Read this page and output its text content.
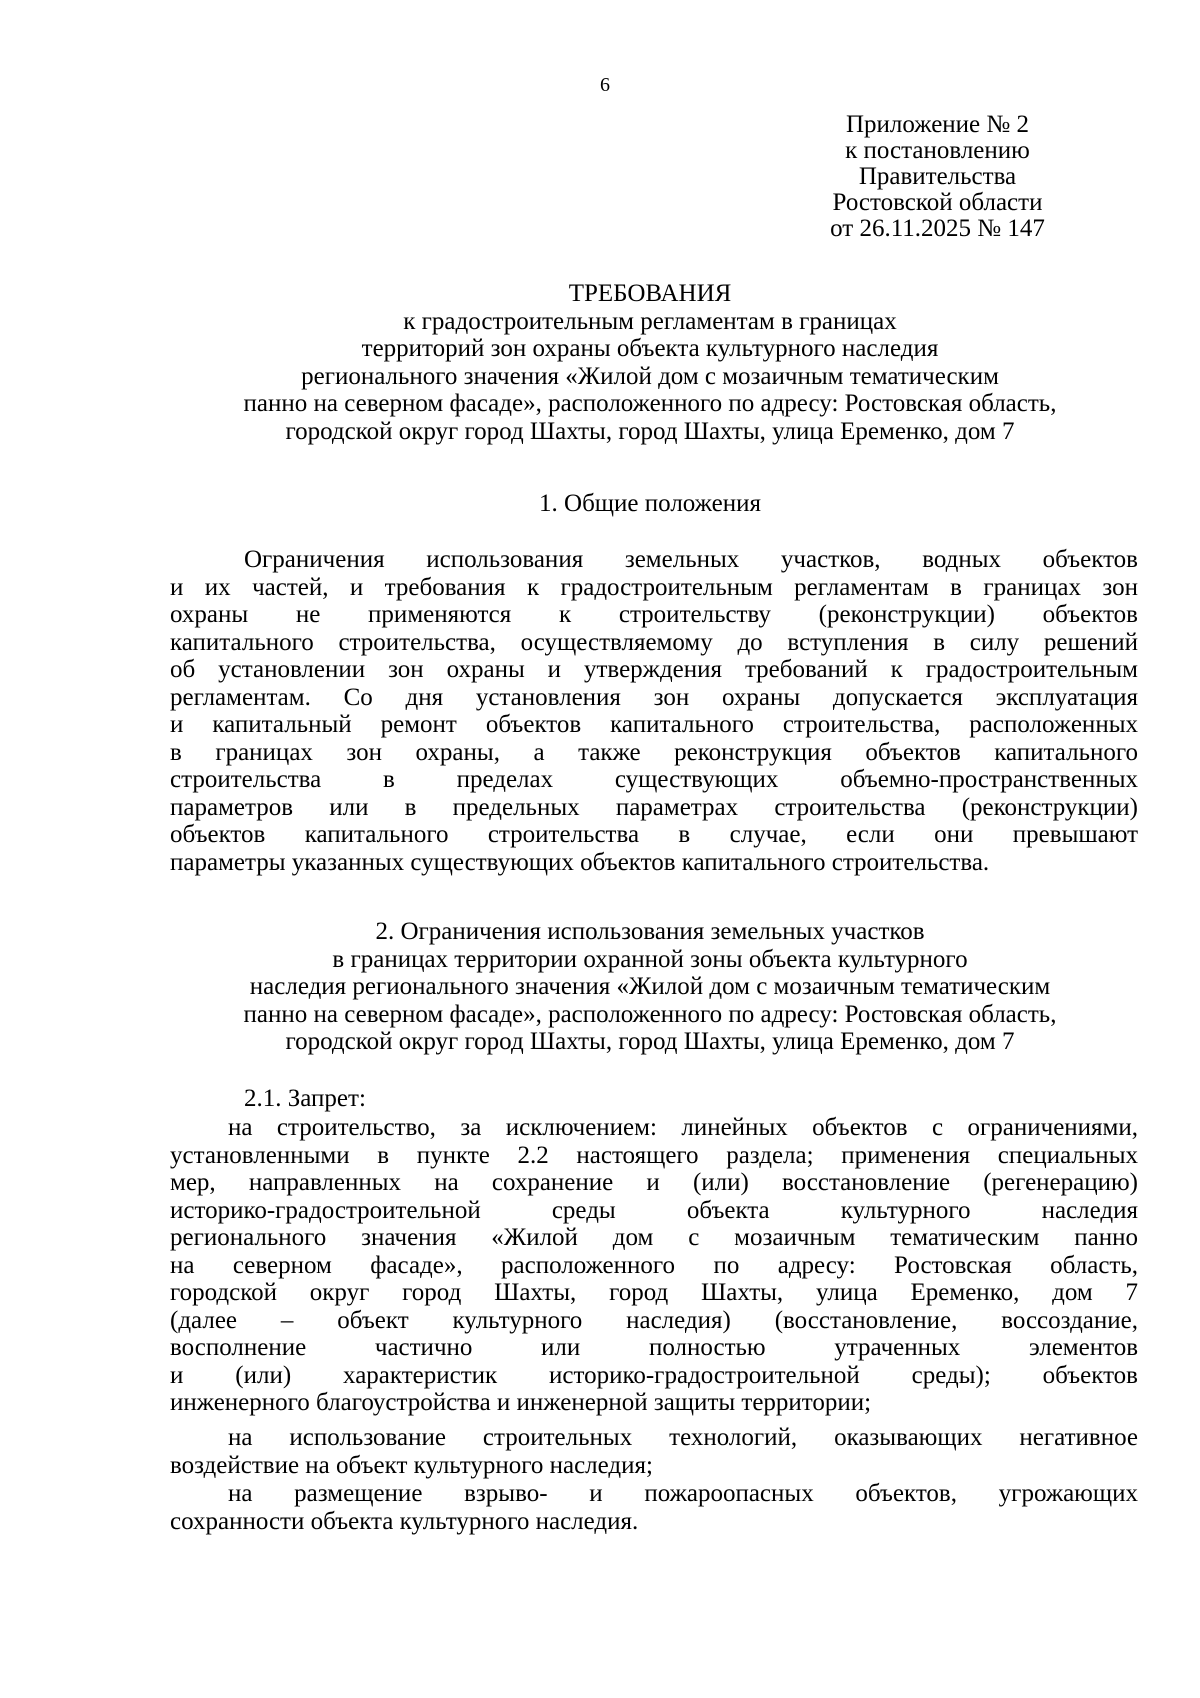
6
Приложение № 2
к постановлению
Правительства
Ростовской области
от 26.11.2025 № 147
ТРЕБОВАНИЯ
к градостроительным регламентам в границах
территорий зон охраны объекта культурного наследия
регионального значения «Жилой дом с мозаичным тематическим
панно на северном фасаде», расположенного по адресу: Ростовская область,
городской округ город Шахты, город Шахты, улица Еременко, дом 7
1. Общие положения
Ограничения использования земельных участков, водных объектов
и их частей, и требования к градостроительным регламентам в границах зон
охраны не применяются к строительству (реконструкции) объектов
капитального строительства, осуществляемому до вступления в силу решений
об установлении зон охраны и утверждения требований к градостроительным
регламентам. Со дня установления зон охраны допускается эксплуатация
и капитальный ремонт объектов капитального строительства, расположенных
в границах зон охраны, а также реконструкция объектов капитального
строительства в пределах существующих объемно-пространственных
параметров или в предельных параметрах строительства (реконструкции)
объектов капитального строительства в случае, если они превышают
параметры указанных существующих объектов капитального строительства.
2. Ограничения использования земельных участков
в границах территории охранной зоны объекта культурного
наследия регионального значения «Жилой дом с мозаичным тематическим
панно на северном фасаде», расположенного по адресу: Ростовская область,
городской округ город Шахты, город Шахты, улица Еременко, дом 7
2.1. Запрет:
на строительство, за исключением: линейных объектов с ограничениями,
установленными в пункте 2.2 настоящего раздела; применения специальных
мер, направленных на сохранение и (или) восстановление (регенерацию)
историко-градостроительной среды объекта культурного наследия
регионального значения «Жилой дом с мозаичным тематическим панно
на северном фасаде», расположенного по адресу: Ростовская область,
городской округ город Шахты, город Шахты, улица Еременко, дом 7
(далее – объект культурного наследия) (восстановление, воссоздание,
восполнение частично или полностью утраченных элементов
и (или) характеристик историко-градостроительной среды); объектов
инженерного благоустройства и инженерной защиты территории;
на использование строительных технологий, оказывающих негативное
воздействие на объект культурного наследия;
на размещение взрыво- и пожароопасных объектов, угрожающих
сохранности объекта культурного наследия.
